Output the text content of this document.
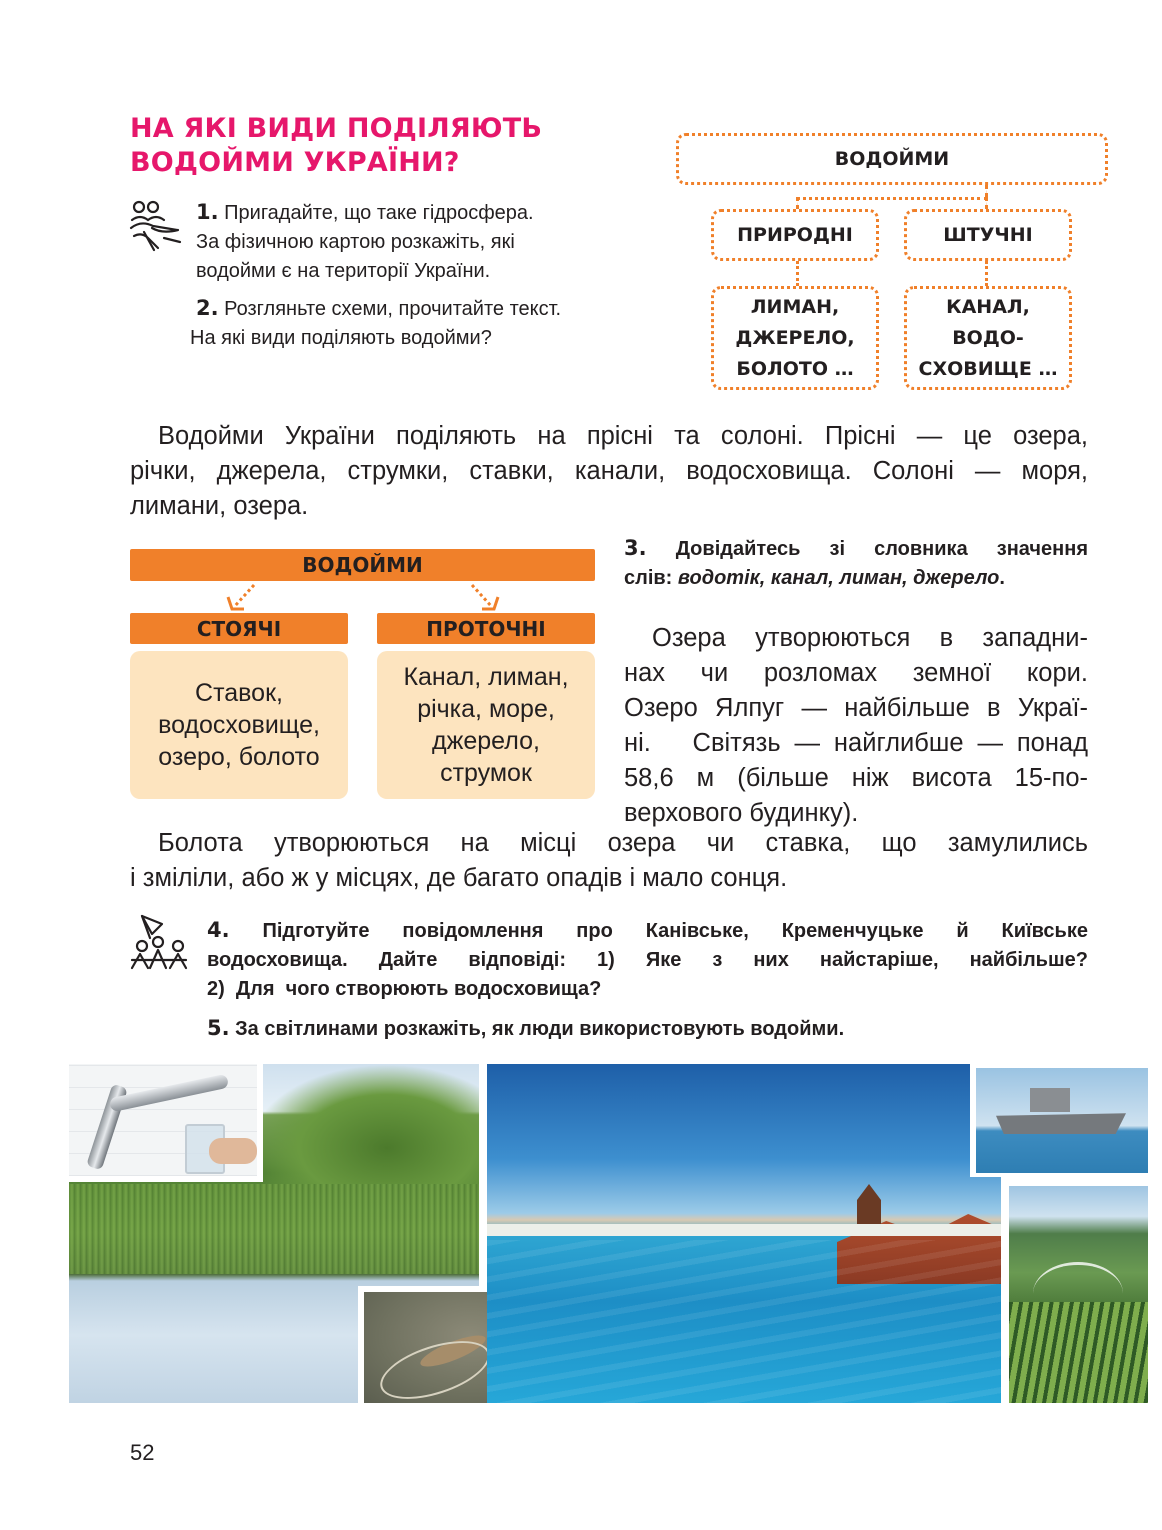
НА ЯКІ ВИДИ ПОДІЛЯЮТЬ
ВОДОЙМИ УКРАЇНИ?
1. Пригадайте, що таке гідросфера.
За фізичною картою розкажіть, які
водойми є на території України.
2. Розгляньте схеми, прочитайте текст.
На які види поділяють водойми?
ВОДОЙМИ
ПРИРОДНІ	ШТУЧНІ
ЛИМАН,
ДЖЕРЕЛО,
БОЛОТО …
КАНАЛ,
ВОДО-
СХОВИЩЕ …
Водойми України поділяють на прісні та солоні. Прісні — це озера,
річки, джерела, струмки, ставки, канали, водосховища. Солоні — моря,
лимани, озера.
ВОДОЙМИ
СТОЯЧІ	ПРОТОЧНІ
Ставок,
водосховище,
озеро, болото
Канал, лиман,
річка, море,
джерело,
струмок
3. Довідайтесь зі словника значення
слів: водотік, канал, лиман, джерело.
Озера утворюються в западни-
нах чи розломах земної кори.
Озеро Ялпуг — найбільше в Украї-
ні.   Світязь — найглибше — понад
58,6 м (більше ніж висота 15-по-
верхового будинку).
Болота утворюються на місці озера чи ставка, що замулились
і зміліли, або ж у місцях, де багато опадів і мало сонця.
4. Підготуйте повідомлення про Канівське, Кременчуцьке й Київське
водосховища. Дайте відповіді: 1) Яке з них найстаріше, найбільше?
2)  Для  чого створюють водосховища?
5. За світлинами розкажіть, як люди використовують водойми.
52
